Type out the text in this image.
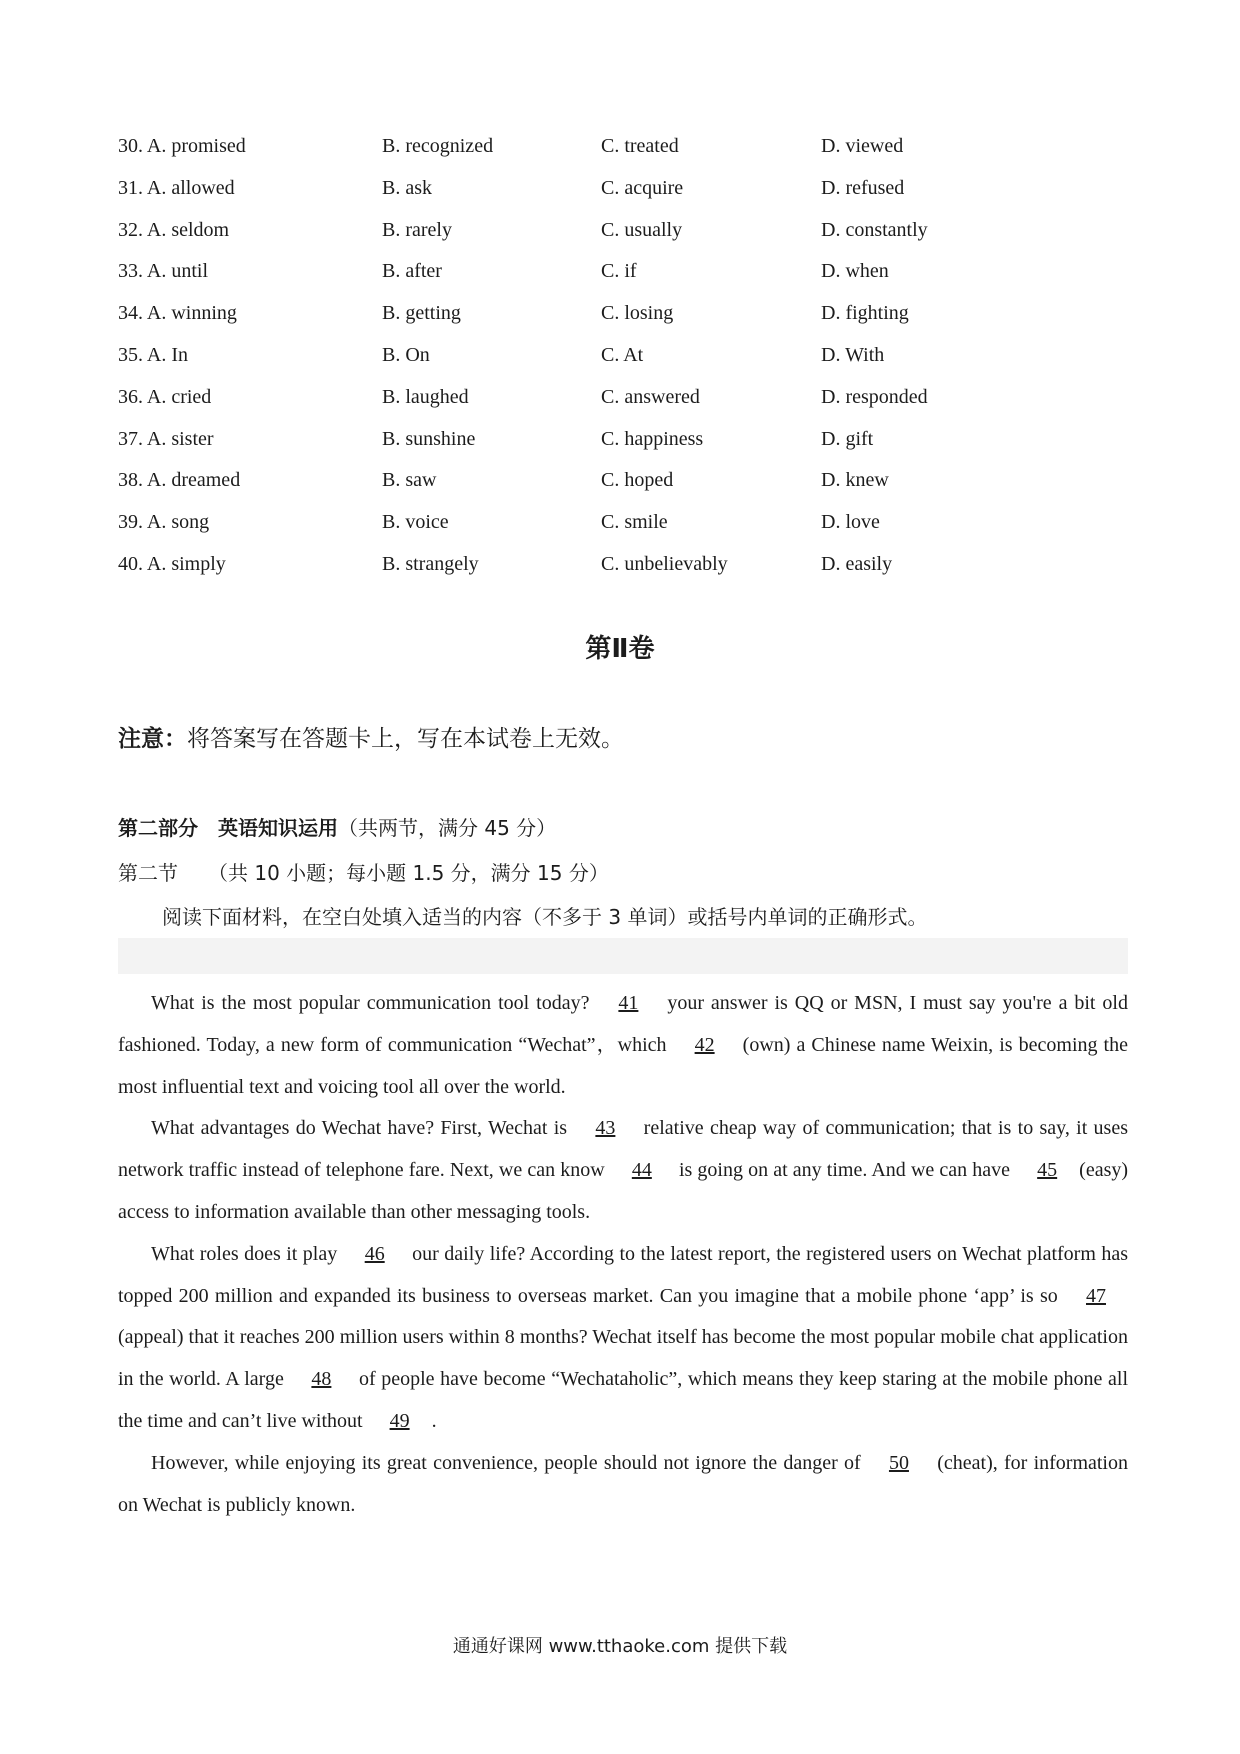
30. A. promised	B. recognized	C. treated	D. viewed
31. A. allowed	B. ask	C. acquire	D. refused
32. A. seldom	B. rarely	C. usually	D. constantly
33. A. until	B. after	C. if	D. when
34. A. winning	B. getting	C. losing	D. fighting
35. A. In	B. On	C. At	D. With
36. A. cried	B. laughed	C. answered	D. responded
37. A. sister	B. sunshine	C. happiness	D. gift
38. A. dreamed	B. saw	C. hoped	D. knew
39. A. song	B. voice	C. smile	D. love
40. A. simply	B. strangely	C. unbelievably	D. easily
第Ⅱ卷
注意：将答案写在答题卡上，写在本试卷上无效。
第二部分　英语知识运用（共两节，满分 45 分）
第二节　　（共 10 小题；每小题 1.5 分，满分 15 分）
阅读下面材料，在空白处填入适当的内容（不多于 3 单词）或括号内单词的正确形式。

What is the most popular communication tool today? 41 your answer is QQ or MSN, I must say you're a bit old fashioned. Today, a new form of communication “Wechat”，which 42 (own) a Chinese name Weixin, is becoming the most influential text and voicing tool all over the world.

What advantages do Wechat have? First, Wechat is 43 relative cheap way of communication; that is to say, it uses network traffic instead of telephone fare. Next, we can know 44 is going on at any time. And we can have 45 (easy) access to information available than other messaging tools.

What roles does it play 46 our daily life? According to the latest report, the registered users on Wechat platform has topped 200 million and expanded its business to overseas market. Can you imagine that a mobile phone ‘app’ is so 47 (appeal) that it reaches 200 million users within 8 months? Wechat itself has become the most popular mobile chat application in the world. A large 48 of people have become “Wechataholic”, which means they keep staring at the mobile phone all the time and can’t live without 49 .

However, while enjoying its great convenience, people should not ignore the danger of 50 (cheat), for information on Wechat is publicly known.

通通好课网 www.tthaoke.com 提供下载
